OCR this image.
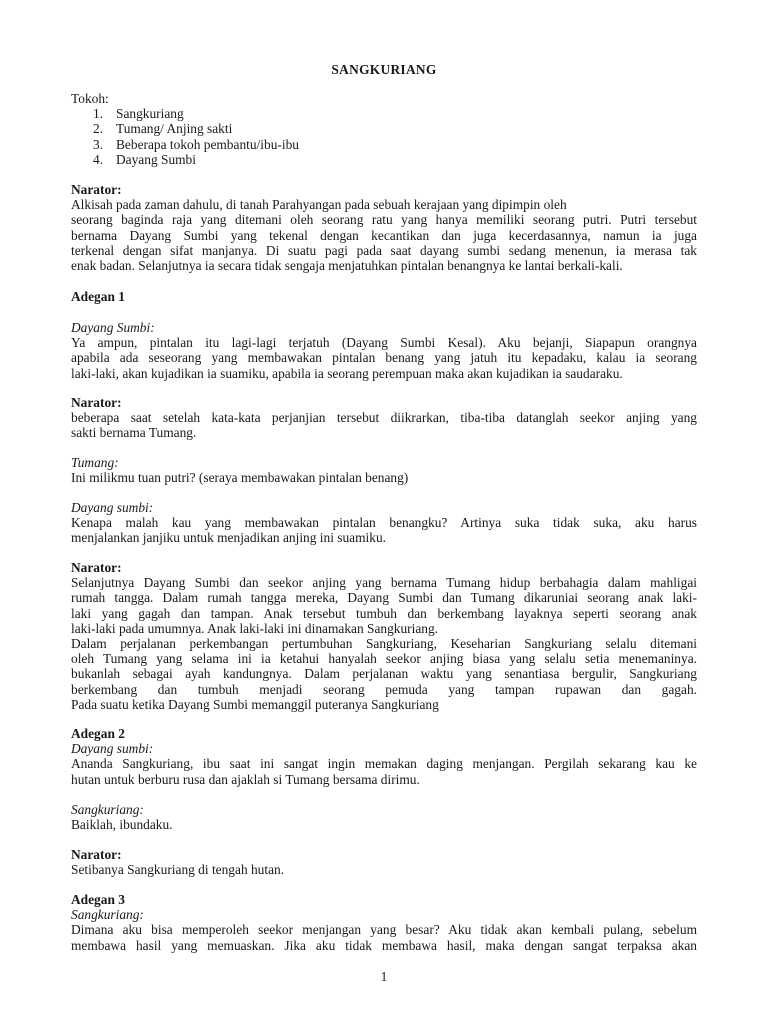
SANGKURIANG
Tokoh:
1. Sangkuriang
2. Tumang/ Anjing sakti
3. Beberapa tokoh pembantu/ibu-ibu
4. Dayang Sumbi
Narator:
Alkisah pada zaman dahulu, di tanah Parahyangan pada sebuah kerajaan yang dipimpin oleh
seorang baginda raja yang ditemani oleh seorang ratu yang hanya memiliki seorang putri. Putri tersebut
bernama Dayang Sumbi yang tekenal dengan kecantikan dan juga kecerdasannya, namun ia juga
terkenal dengan sifat manjanya. Di suatu pagi pada saat dayang sumbi sedang menenun, ia merasa tak
enak badan. Selanjutnya ia secara tidak sengaja menjatuhkan pintalan benangnya ke lantai berkali-kali.
Adegan 1
Dayang Sumbi:
Ya ampun, pintalan itu lagi-lagi terjatuh (Dayang Sumbi Kesal). Aku bejanji, Siapapun orangnya
apabila ada seseorang yang membawakan pintalan benang yang jatuh itu kepadaku, kalau ia seorang
laki-laki, akan kujadikan ia suamiku, apabila ia seorang perempuan maka akan kujadikan ia saudaraku.
Narator:
beberapa saat setelah kata-kata perjanjian tersebut diikrarkan, tiba-tiba datanglah seekor anjing yang
sakti bernama Tumang.
Tumang:
Ini milikmu tuan putri? (seraya membawakan pintalan benang)
Dayang sumbi:
Kenapa malah kau yang membawakan pintalan benangku? Artinya suka tidak suka, aku harus
menjalankan janjiku untuk menjadikan anjing ini suamiku.
Narator:
Selanjutnya Dayang Sumbi dan seekor anjing yang bernama Tumang hidup berbahagia dalam mahligai
rumah tangga. Dalam rumah tangga mereka, Dayang Sumbi dan Tumang dikaruniai seorang anak laki-
laki yang gagah dan tampan. Anak tersebut tumbuh dan berkembang layaknya seperti seorang anak
laki-laki pada umumnya. Anak laki-laki ini dinamakan Sangkuriang.
Dalam perjalanan perkembangan pertumbuhan Sangkuriang, Keseharian Sangkuriang selalu ditemani
oleh Tumang yang selama ini ia ketahui hanyalah seekor anjing biasa yang selalu setia menemaninya.
bukanlah sebagai ayah kandungnya. Dalam perjalanan waktu yang senantiasa bergulir, Sangkuriang
berkembang dan tumbuh menjadi seorang pemuda yang tampan rupawan dan gagah.
Pada suatu ketika Dayang Sumbi memanggil puteranya Sangkuriang
Adegan 2
Dayang sumbi:
Ananda Sangkuriang, ibu saat ini sangat ingin memakan daging menjangan. Pergilah sekarang kau ke
hutan untuk berburu rusa dan ajaklah si Tumang bersama dirimu.
Sangkuriang:
Baiklah, ibundaku.
Narator:
Setibanya Sangkuriang di tengah hutan.
Adegan 3
Sangkuriang:
Dimana aku bisa memperoleh seekor menjangan yang besar? Aku tidak akan kembali pulang, sebelum
membawa hasil yang memuaskan. Jika aku tidak membawa hasil, maka dengan sangat terpaksa akan
1
